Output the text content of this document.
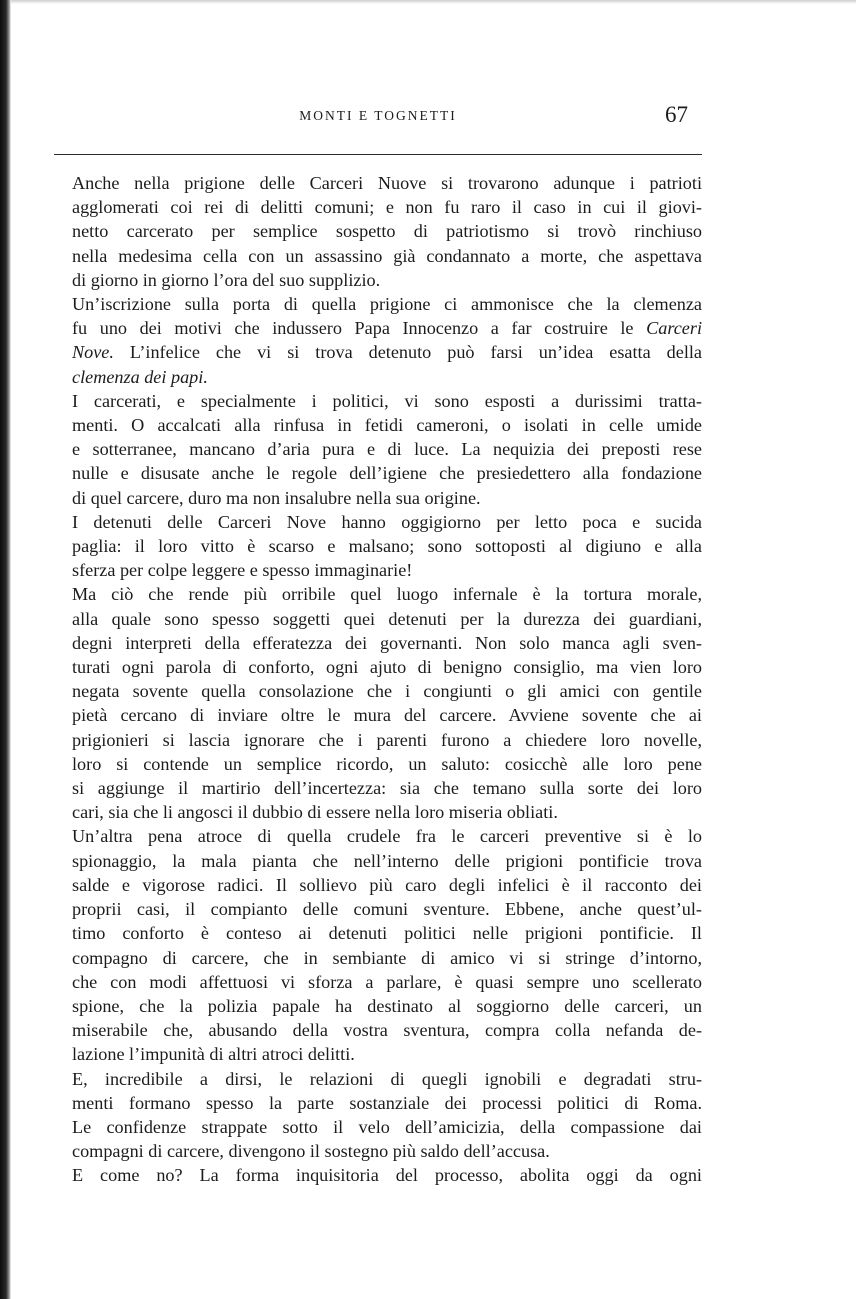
MONTI E TOGNETTI	67

Anche nella prigione delle Carceri Nuove si trovarono adunque i patrioti
agglomerati coi rei di delitti comuni; e non fu raro il caso in cui il giovi-
netto carcerato per semplice sospetto di patriotismo si trovò rinchiuso
nella medesima cella con un assassino già condannato a morte, che aspettava
di giorno in giorno l’ora del suo supplizio.

Un’iscrizione sulla porta di quella prigione ci ammonisce che la clemenza
fu uno dei motivi che indussero Papa Innocenzo a far costruire le Carceri
Nove. L’infelice che vi si trova detenuto può farsi un’idea esatta della
clemenza dei papi.

I carcerati, e specialmente i politici, vi sono esposti a durissimi tratta-
menti. O accalcati alla rinfusa in fetidi cameroni, o isolati in celle umide
e sotterranee, mancano d’aria pura e di luce. La nequizia dei preposti rese
nulle e disusate anche le regole dell’igiene che presiedettero alla fondazione
di quel carcere, duro ma non insalubre nella sua origine.

I detenuti delle Carceri Nove hanno oggigiorno per letto poca e sucida
paglia: il loro vitto è scarso e malsano; sono sottoposti al digiuno e alla
sferza per colpe leggere e spesso immaginarie!

Ma ciò che rende più orribile quel luogo infernale è la tortura morale,
alla quale sono spesso soggetti quei detenuti per la durezza dei guardiani,
degni interpreti della efferatezza dei governanti. Non solo manca agli sven-
turati ogni parola di conforto, ogni ajuto di benigno consiglio, ma vien loro
negata sovente quella consolazione che i congiunti o gli amici con gentile
pietà cercano di inviare oltre le mura del carcere. Avviene sovente che ai
prigionieri si lascia ignorare che i parenti furono a chiedere loro novelle,
loro si contende un semplice ricordo, un saluto: cosicchè alle loro pene
si aggiunge il martirio dell’incertezza: sia che temano sulla sorte dei loro
cari, sia che li angosci il dubbio di essere nella loro miseria obliati.

Un’altra pena atroce di quella crudele fra le carceri preventive si è lo
spionaggio, la mala pianta che nell’interno delle prigioni pontificie trova
salde e vigorose radici. Il sollievo più caro degli infelici è il racconto dei
proprii casi, il compianto delle comuni sventure. Ebbene, anche quest’ul-
timo conforto è conteso ai detenuti politici nelle prigioni pontificie. Il
compagno di carcere, che in sembiante di amico vi si stringe d’intorno,
che con modi affettuosi vi sforza a parlare, è quasi sempre uno scellerato
spione, che la polizia papale ha destinato al soggiorno delle carceri, un
miserabile che, abusando della vostra sventura, compra colla nefanda de-
lazione l’impunità di altri atroci delitti.

E, incredibile a dirsi, le relazioni di quegli ignobili e degradati stru-
menti formano spesso la parte sostanziale dei processi politici di Roma.
Le confidenze strappate sotto il velo dell’amicizia, della compassione dai
compagni di carcere, divengono il sostegno più saldo dell’accusa.

E come no? La forma inquisitoria del processo, abolita oggi da ogni
